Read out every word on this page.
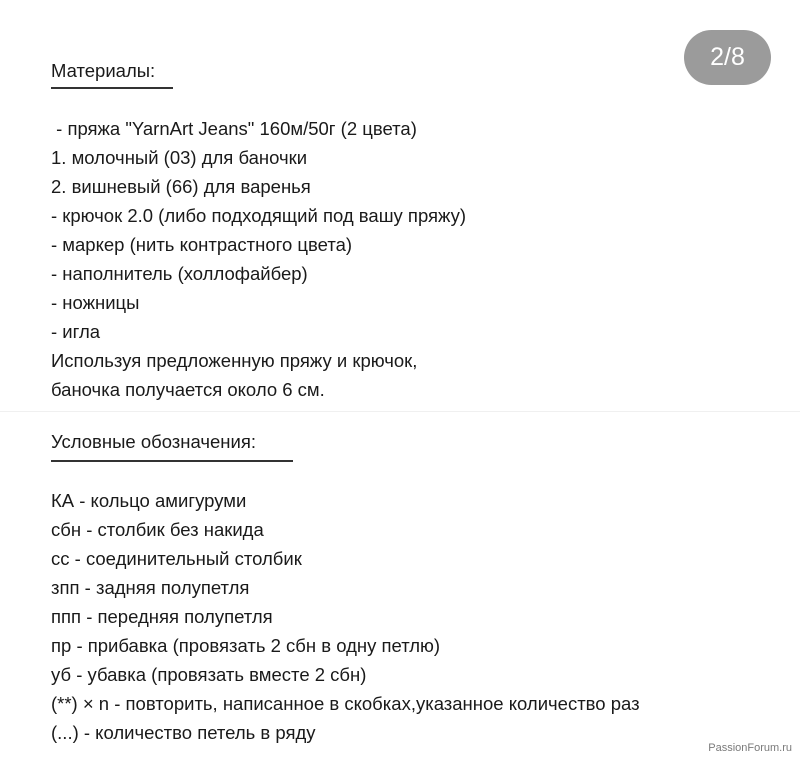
2/8
Материалы:
- пряжа "YarnArt Jeans" 160м/50г (2 цвета)
1. молочный (03) для баночки
2. вишневый (66) для варенья
- крючок 2.0 (либо подходящий под вашу пряжу)
- маркер (нить контрастного цвета)
- наполнитель (холлофайбер)
- ножницы
- игла
Используя предложенную пряжу и крючок,
баночка получается около 6 см.
Условные обозначения:
КА - кольцо амигуруми
сбн - столбик без накида
сс - соединительный столбик
зпп - задняя полупетля
ппп - передняя полупетля
пр - прибавка (провязать 2 сбн в одну петлю)
уб - убавка (провязать вместе 2 сбн)
(**) × n - повторить, написанное в скобках,указанное количество раз
(...) - количество петель в ряду
PassionForum.ru
